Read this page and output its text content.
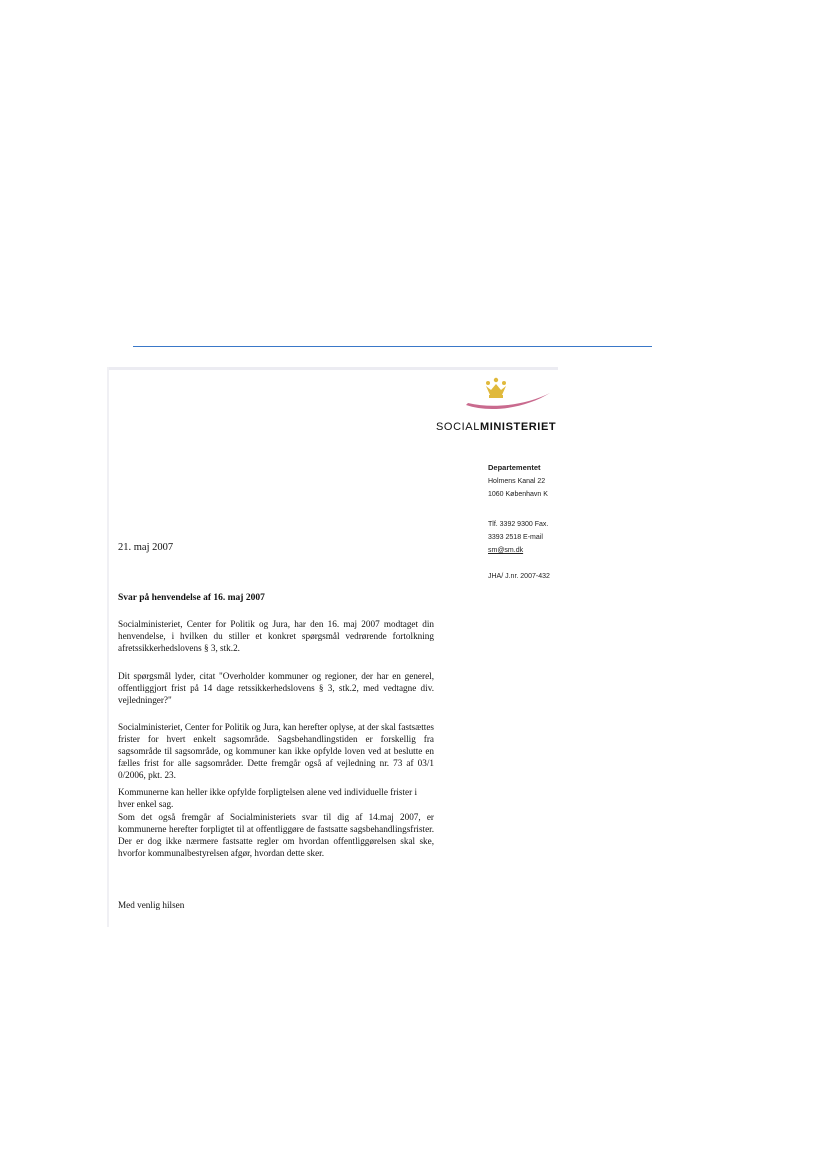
SOCIALMINISTERIET
Departementet
Holmens Kanal 22
1060 København K
Tlf. 3392 9300 Fax.
3393 2518 E-mail
sm@sm.dk
JHA/ J.nr. 2007-432
21. maj 2007
Svar på henvendelse af 16. maj 2007
Socialministeriet, Center for Politik og Jura, har den 16. maj 2007 modtaget din henvendelse, i hvilken du stiller et konkret spørgsmål vedrørende fortolkning afretssikkerhedslovens § 3, stk.2.
Dit spørgsmål lyder, citat "Overholder kommuner og regioner, der har en generel, offentliggjort frist på 14 dage retssikkerhedslovens § 3, stk.2, med vedtagne div. vejledninger?"
Socialministeriet, Center for Politik og Jura, kan herefter oplyse, at der skal fastsættes frister for hvert enkelt sagsområde. Sagsbehandlingstiden er forskellig fra sagsområde til sagsområde, og kommuner kan ikke opfylde loven ved at beslutte en fælles frist for alle sagsområder. Dette fremgår også af vejledning nr. 73 af 03/1 0/2006, pkt. 23.
Kommunerne kan heller ikke opfylde forpligtelsen alene ved individuelle frister i hver enkel sag.
Som det også fremgår af Socialministeriets svar til dig af 14.maj 2007, er kommunerne herefter forpligtet til at offentliggøre de fastsatte sagsbehandlingsfrister. Der er dog ikke nærmere fastsatte regler om hvordan offentliggørelsen skal ske, hvorfor kommunalbestyrelsen afgør, hvordan dette sker.
Med venlig hilsen
